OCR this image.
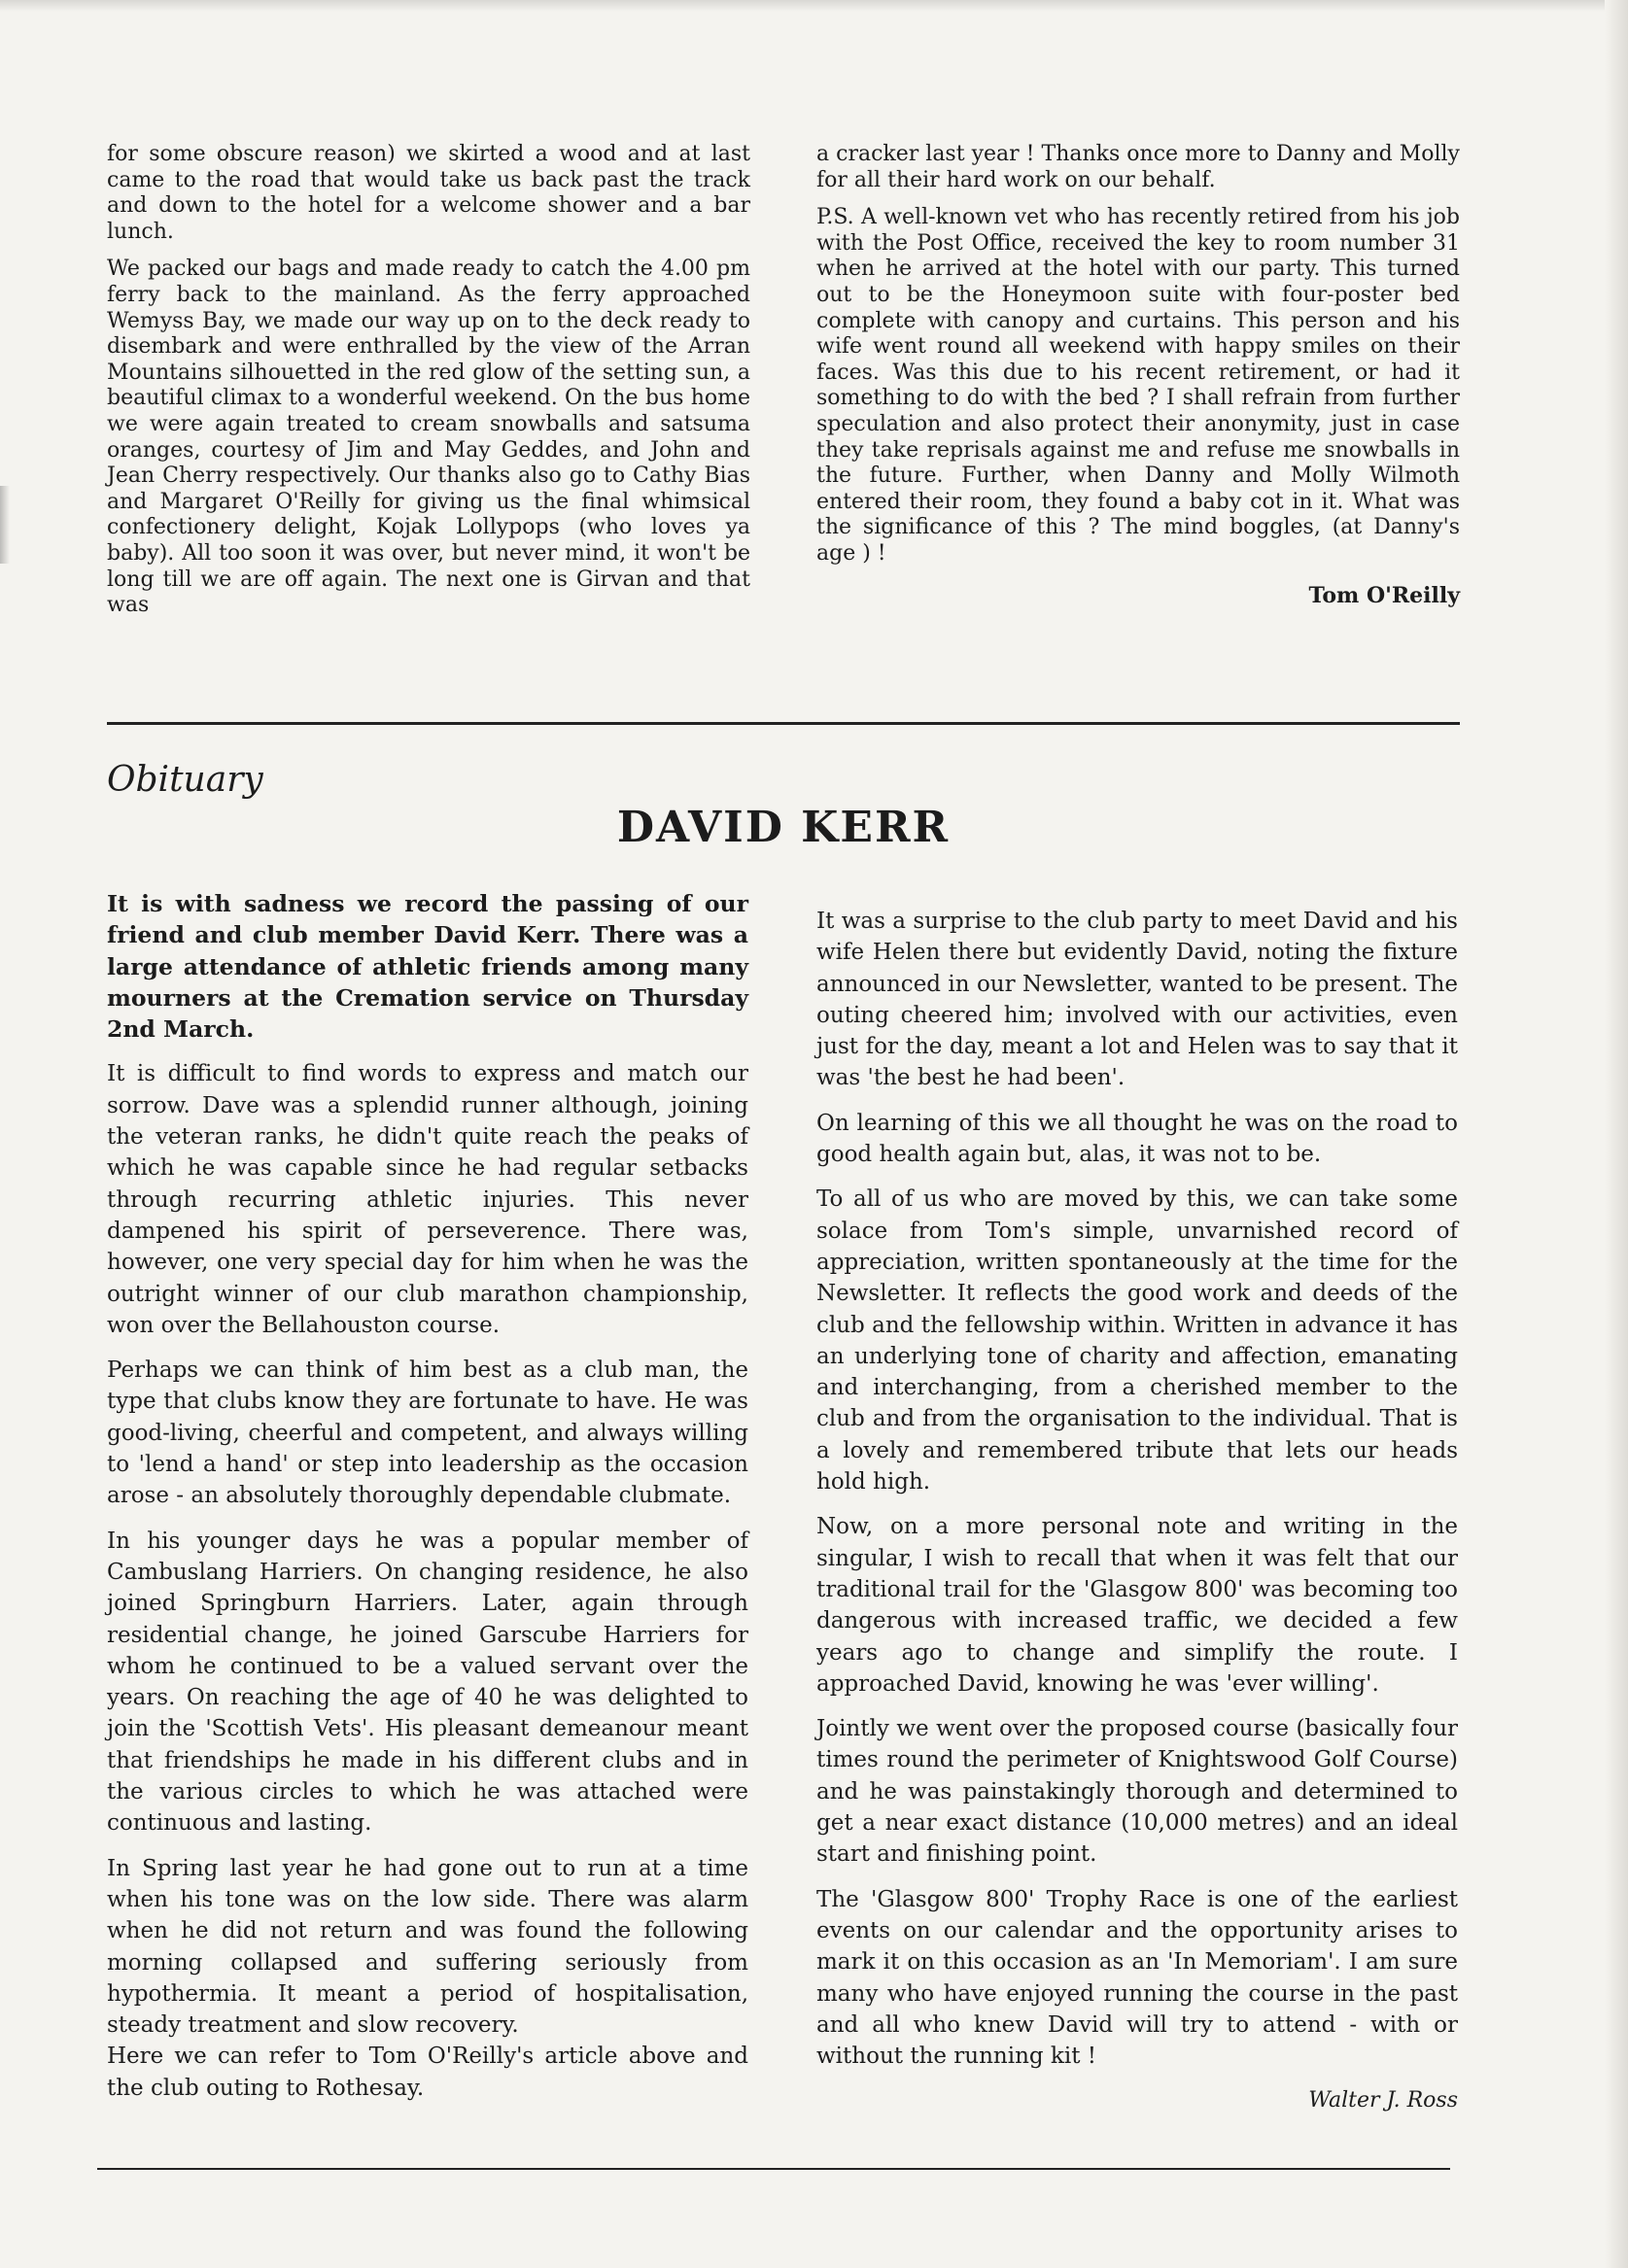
for some obscure reason) we skirted a wood and at last came to the road that would take us back past the track and down to the hotel for a welcome shower and a bar lunch.

We packed our bags and made ready to catch the 4.00 pm ferry back to the mainland. As the ferry approached Wemyss Bay, we made our way up on to the deck ready to disembark and were enthralled by the view of the Arran Mountains silhouetted in the red glow of the setting sun, a beautiful climax to a wonderful weekend. On the bus home we were again treated to cream snowballs and satsuma oranges, courtesy of Jim and May Geddes, and John and Jean Cherry respectively. Our thanks also go to Cathy Bias and Margaret O'Reilly for giving us the final whimsical confectionery delight, Kojak Lollypops (who loves ya baby). All too soon it was over, but never mind, it won't be long till we are off again. The next one is Girvan and that was

a cracker last year ! Thanks once more to Danny and Molly for all their hard work on our behalf.

P.S. A well-known vet who has recently retired from his job with the Post Office, received the key to room number 31 when he arrived at the hotel with our party. This turned out to be the Honeymoon suite with four-poster bed complete with canopy and curtains. This person and his wife went round all weekend with happy smiles on their faces. Was this due to his recent retirement, or had it something to do with the bed ? I shall refrain from further speculation and also protect their anonymity, just in case they take reprisals against me and refuse me snowballs in the future. Further, when Danny and Molly Wilmoth entered their room, they found a baby cot in it. What was the significance of this ? The mind boggles, (at Danny's age ) !

Tom O'Reilly
Obituary
DAVID KERR

It is with sadness we record the passing of our friend and club member David Kerr. There was a large attendance of athletic friends among many mourners at the Cremation service on Thursday 2nd March.

It is difficult to find words to express and match our sorrow. Dave was a splendid runner although, joining the veteran ranks, he didn't quite reach the peaks of which he was capable since he had regular setbacks through recurring athletic injuries. This never dampened his spirit of perseverence. There was, however, one very special day for him when he was the outright winner of our club marathon championship, won over the Bellahouston course.

Perhaps we can think of him best as a club man, the type that clubs know they are fortunate to have. He was good-living, cheerful and competent, and always willing to 'lend a hand' or step into leadership as the occasion arose - an absolutely thoroughly dependable clubmate.

In his younger days he was a popular member of Cambuslang Harriers. On changing residence, he also joined Springburn Harriers. Later, again through residential change, he joined Garscube Harriers for whom he continued to be a valued servant over the years. On reaching the age of 40 he was delighted to join the 'Scottish Vets'. His pleasant demeanour meant that friendships he made in his different clubs and in the various circles to which he was attached were continuous and lasting.

In Spring last year he had gone out to run at a time when his tone was on the low side. There was alarm when he did not return and was found the following morning collapsed and suffering seriously from hypothermia. It meant a period of hospitalisation, steady treatment and slow recovery.

Here we can refer to Tom O'Reilly's article above and the club outing to Rothesay.

It was a surprise to the club party to meet David and his wife Helen there but evidently David, noting the fixture announced in our Newsletter, wanted to be present. The outing cheered him; involved with our activities, even just for the day, meant a lot and Helen was to say that it was 'the best he had been'.

On learning of this we all thought he was on the road to good health again but, alas, it was not to be.

To all of us who are moved by this, we can take some solace from Tom's simple, unvarnished record of appreciation, written spontaneously at the time for the Newsletter. It reflects the good work and deeds of the club and the fellowship within. Written in advance it has an underlying tone of charity and affection, emanating and interchanging, from a cherished member to the club and from the organisation to the individual. That is a lovely and remembered tribute that lets our heads hold high.

Now, on a more personal note and writing in the singular, I wish to recall that when it was felt that our traditional trail for the 'Glasgow 800' was becoming too dangerous with increased traffic, we decided a few years ago to change and simplify the route. I approached David, knowing he was 'ever willing'.

Jointly we went over the proposed course (basically four times round the perimeter of Knightswood Golf Course) and he was painstakingly thorough and determined to get a near exact distance (10,000 metres) and an ideal start and finishing point.

The 'Glasgow 800' Trophy Race is one of the earliest events on our calendar and the opportunity arises to mark it on this occasion as an 'In Memoriam'. I am sure many who have enjoyed running the course in the past and all who knew David will try to attend - with or without the running kit !

Walter J. Ross
